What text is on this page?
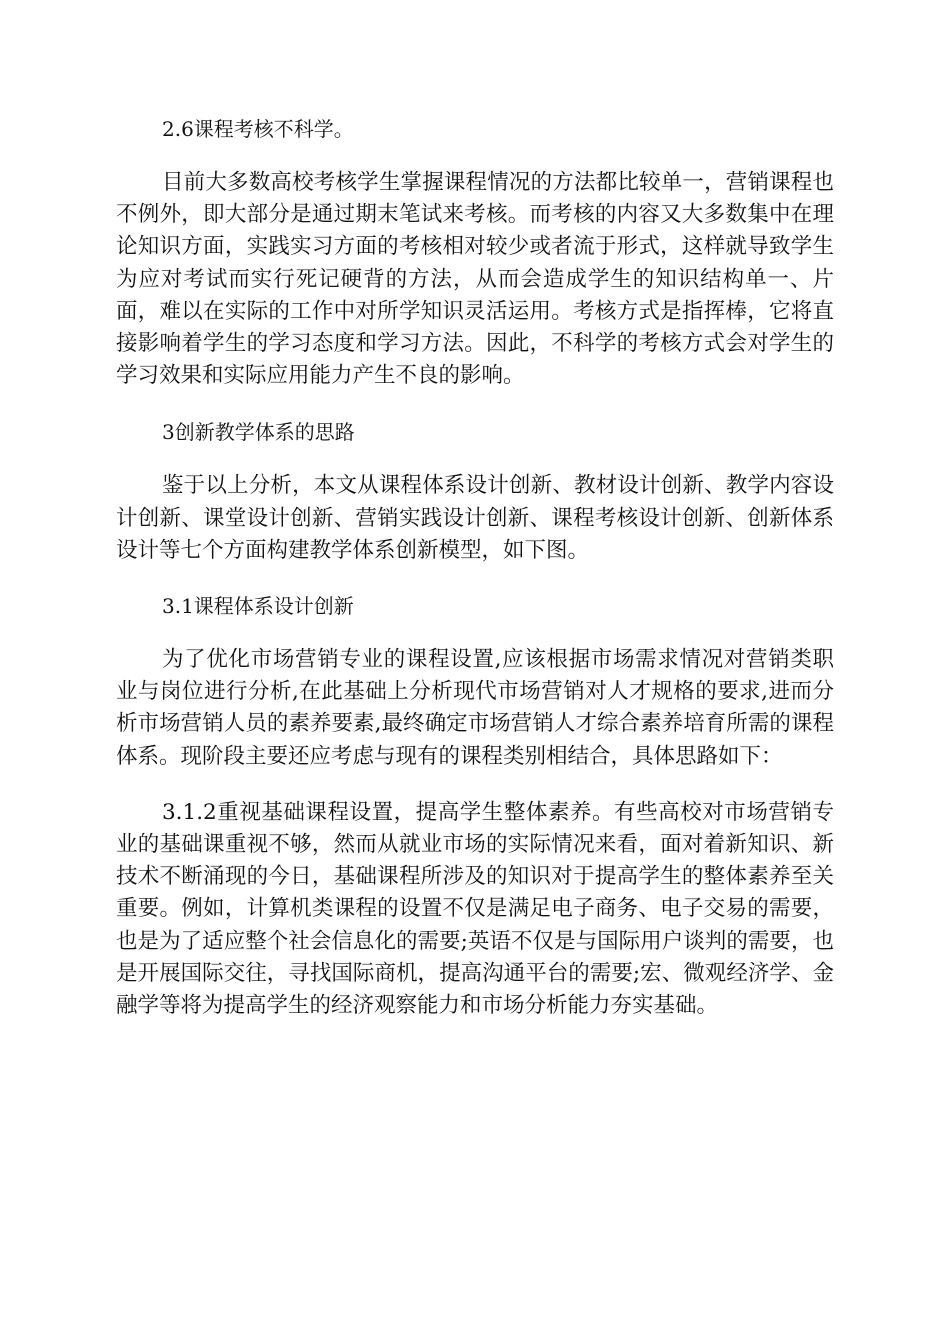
2.6课程考核不科学。

目前大多数高校考核学生掌握课程情况的方法都比较单一，营销课程也不例外，即大部分是通过期末笔试来考核。而考核的内容又大多数集中在理论知识方面，实践实习方面的考核相对较少或者流于形式，这样就导致学生为应对考试而实行死记硬背的方法，从而会造成学生的知识结构单一、片面，难以在实际的工作中对所学知识灵活运用。考核方式是指挥棒，它将直接影响着学生的学习态度和学习方法。因此，不科学的考核方式会对学生的学习效果和实际应用能力产生不良的影响。

3创新教学体系的思路

鉴于以上分析，本文从课程体系设计创新、教材设计创新、教学内容设计创新、课堂设计创新、营销实践设计创新、课程考核设计创新、创新体系设计等七个方面构建教学体系创新模型，如下图。

3.1课程体系设计创新

为了优化市场营销专业的课程设置,应该根据市场需求情况对营销类职业与岗位进行分析,在此基础上分析现代市场营销对人才规格的要求,进而分析市场营销人员的素养要素,最终确定市场营销人才综合素养培育所需的课程体系。现阶段主要还应考虑与现有的课程类别相结合，具体思路如下：

3.1.2重视基础课程设置，提高学生整体素养。有些高校对市场营销专业的基础课重视不够，然而从就业市场的实际情况来看，面对着新知识、新技术不断涌现的今日，基础课程所涉及的知识对于提高学生的整体素养至关重要。例如，计算机类课程的设置不仅是满足电子商务、电子交易的需要，也是为了适应整个社会信息化的需要;英语不仅是与国际用户谈判的需要，也是开展国际交往，寻找国际商机，提高沟通平台的需要;宏、微观经济学、金融学等将为提高学生的经济观察能力和市场分析能力夯实基础。
